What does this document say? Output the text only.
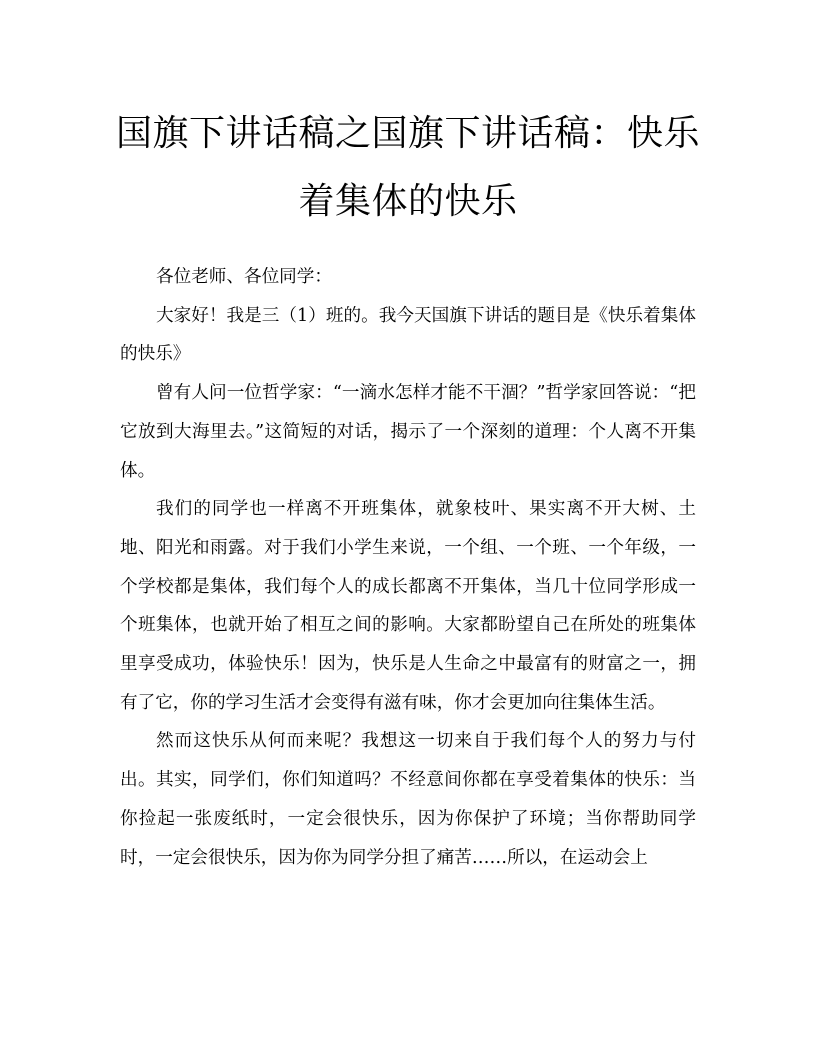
国旗下讲话稿之国旗下讲话稿：快乐着集体的快乐

各位老师、各位同学：

大家好！我是三（1）班的。我今天国旗下讲话的题目是《快乐着集体的快乐》

曾有人问一位哲学家：“一滴水怎样才能不干涸？”哲学家回答说：“把它放到大海里去。”这简短的对话，揭示了一个深刻的道理：个人离不开集体。

我们的同学也一样离不开班集体，就象枝叶、果实离不开大树、土地、阳光和雨露。对于我们小学生来说，一个组、一个班、一个年级，一个学校都是集体，我们每个人的成长都离不开集体，当几十位同学形成一个班集体，也就开始了相互之间的影响。大家都盼望自己在所处的班集体里享受成功，体验快乐！因为，快乐是人生命之中最富有的财富之一，拥有了它，你的学习生活才会变得有滋有味，你才会更加向往集体生活。

然而这快乐从何而来呢？我想这一切来自于我们每个人的努力与付出。其实，同学们，你们知道吗？不经意间你都在享受着集体的快乐：当你捡起一张废纸时，一定会很快乐，因为你保护了环境；当你帮助同学时，一定会很快乐，因为你为同学分担了痛苦……所以，在运动会上
